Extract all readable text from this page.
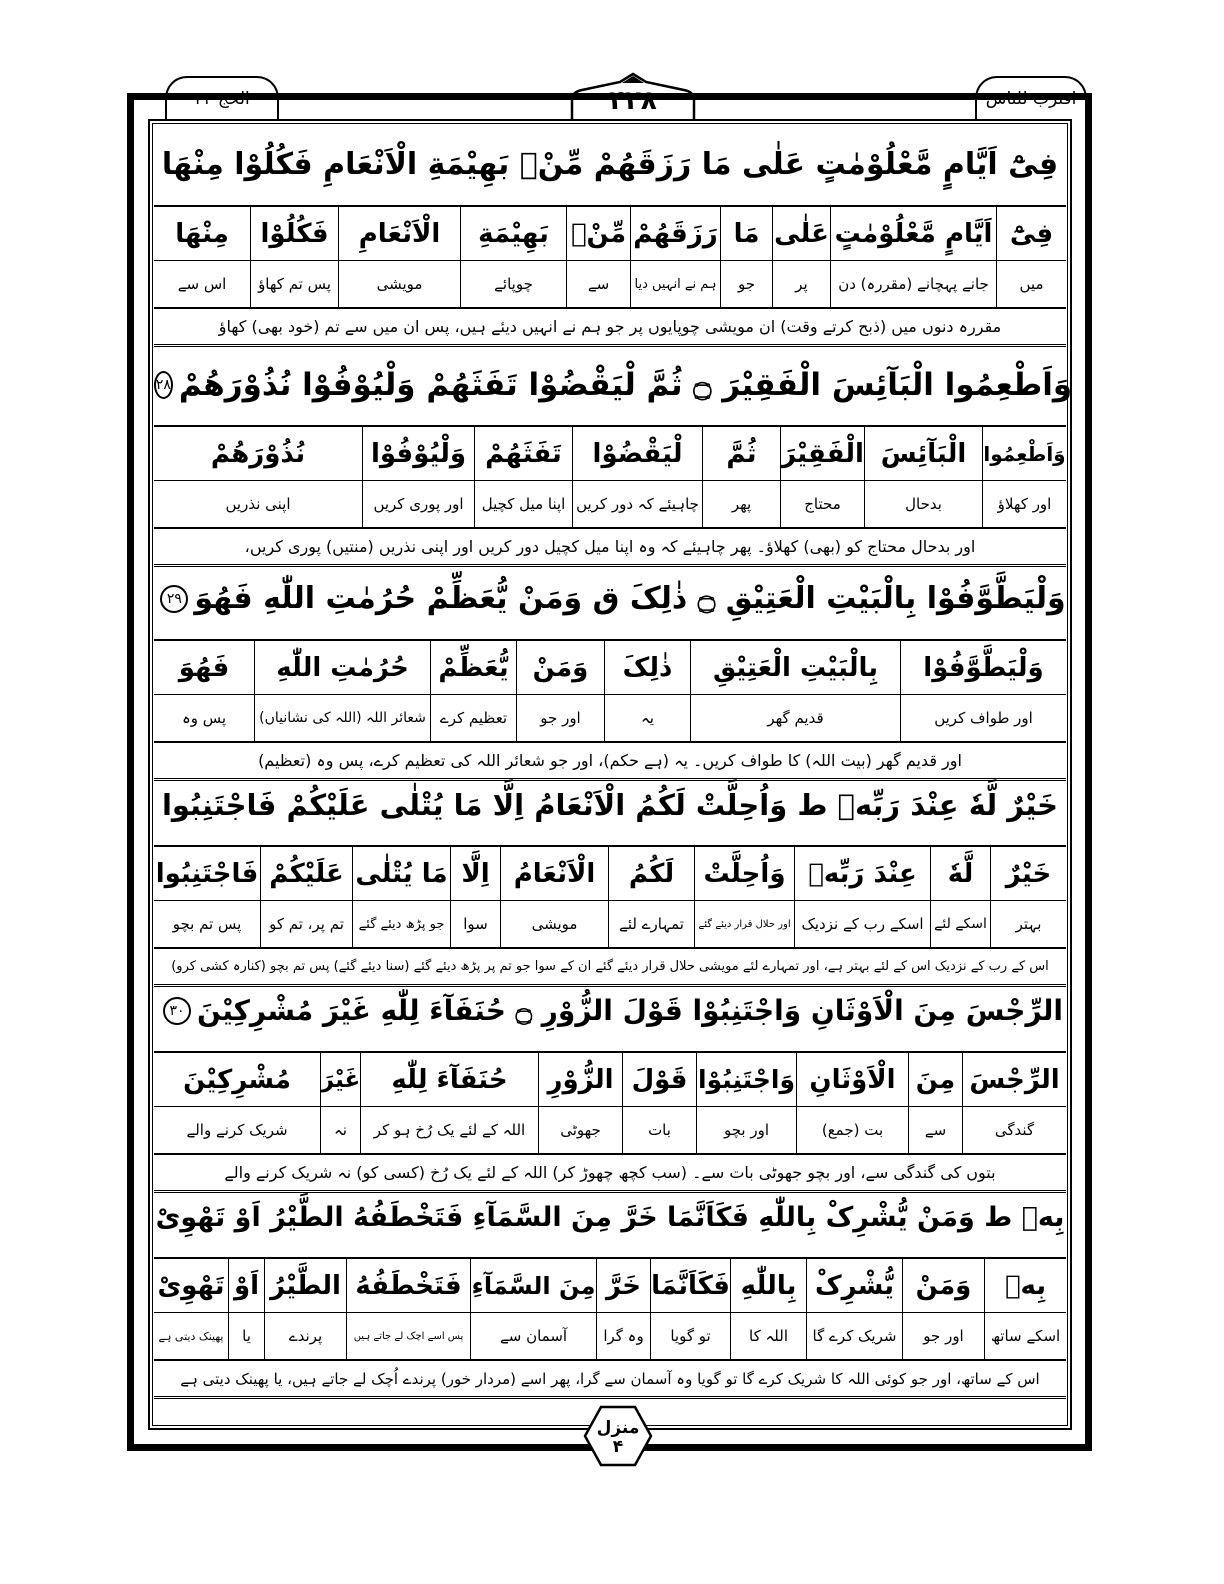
اقترب للناس
الحج ۲۲	۴۲۸
فِیْٓ اَیَّامٍ مَّعْلُوْمٰتٍ عَلٰی مَا رَزَقَهُمْ مِّنْۢ بَهِیْمَةِ الْاَنْعَامِ فَکُلُوْا مِنْهَا
فِیْٓ
میں
اَیَّامٍ مَّعْلُوْمٰتٍ
جانے پہچانے (مقررہ) دن
عَلٰی
پر
مَا
جو
رَزَقَهُمْ
ہم نے انہیں دیا
مِّنْۢ
سے
بَهِیْمَةِ
چوپائے
الْاَنْعَامِ
مویشی
فَکُلُوْا
پس تم کھاؤ
مِنْهَا
اس سے
مقررہ دنوں میں (ذبح کرتے وقت) ان مویشی چوپایوں پر جو ہم نے انہیں دیئے ہیں، پس ان میں سے تم (خود بھی) کھاؤ
وَاَطْعِمُوا الْبَآئِسَ الْفَقِیْرَ ۝ ثُمَّ لْیَقْضُوْا تَفَثَهُمْ وَلْیُوْفُوْا نُذُوْرَهُمْ
۲۸
وَاَطْعِمُوا
اور کھلاؤ
الْبَآئِسَ
بدحال
الْفَقِیْرَ
محتاج
ثُمَّ
پھر
لْیَقْضُوْا
چاہیئے کہ دور کریں
تَفَثَهُمْ
اپنا میل کچیل
وَلْیُوْفُوْا
اور پوری کریں
نُذُوْرَهُمْ
اپنی نذریں
اور بدحال محتاج کو (بھی) کھلاؤ۔ پھر چاہیئے کہ وہ اپنا میل کچیل دور کریں اور اپنی نذریں (منتیں) پوری کریں،
وَلْیَطَّوَّفُوْا بِالْبَیْتِ الْعَتِیْقِ ۝ ذٰلِکَ ق وَمَنْ یُّعَظِّمْ حُرُمٰتِ اللّٰهِ فَهُوَ
۲۹
وَلْیَطَّوَّفُوْا
اور طواف کریں
بِالْبَیْتِ الْعَتِیْقِ
قدیم گھر
ذٰلِکَ
یہ
وَمَنْ
اور جو
یُّعَظِّمْ
تعظیم کرے
حُرُمٰتِ اللّٰهِ
شعائر اللہ (اللہ کی نشانیاں)
فَهُوَ
پس وہ
اور قدیم گھر (بیت اللہ) کا طواف کریں۔ یہ (ہے حکم)، اور جو شعائر اللہ کی تعظیم کرے، پس وہ (تعظیم)
خَیْرٌ لَّهٗ عِنْدَ رَبِّهٖ ط وَاُحِلَّتْ لَکُمُ الْاَنْعَامُ اِلَّا مَا یُتْلٰی عَلَیْکُمْ فَاجْتَنِبُوا
خَیْرٌ
بہتر
لَّهٗ
اسکے لئے
عِنْدَ رَبِّهٖ
اسکے رب کے نزدیک
وَاُحِلَّتْ
اور حلال قرار دیئے گئے
لَکُمُ
تمہارے لئے
الْاَنْعَامُ
مویشی
اِلَّا
سوا
مَا یُتْلٰی
جو پڑھ دیئے گئے
عَلَیْکُمْ
تم پر، تم کو
فَاجْتَنِبُوا
پس تم بچو
اس کے رب کے نزدیک اس کے لئے بہتر ہے، اور تمہارے لئے مویشی حلال قرار دیئے گئے ان کے سوا جو تم پر پڑھ دیئے گئے (سنا دیئے گئے) پس تم بچو (کنارہ کشی کرو)
الرِّجْسَ مِنَ الْاَوْثَانِ وَاجْتَنِبُوْا قَوْلَ الزُّوْرِ ۝ حُنَفَآءَ لِلّٰهِ غَیْرَ مُشْرِکِیْنَ
۳۰
الرِّجْسَ
گندگی
مِنَ
سے
الْاَوْثَانِ
بت (جمع)
وَاجْتَنِبُوْا
اور بچو
قَوْلَ
بات
الزُّوْرِ
جھوٹی
حُنَفَآءَ لِلّٰهِ
اللہ کے لئے یک رُخ ہو کر
غَیْرَ
نہ
مُشْرِکِیْنَ
شریک کرنے والے
بتوں کی گندگی سے، اور بچو جھوٹی بات سے۔ (سب کچھ چھوڑ کر) اللہ کے لئے یک رُخ (کسی کو) نہ شریک کرنے والے
بِهٖ ط وَمَنْ یُّشْرِکْ بِاللّٰهِ فَکَاَنَّمَا خَرَّ مِنَ السَّمَآءِ فَتَخْطَفُهُ الطَّیْرُ اَوْ تَهْوِیْ
بِهٖ
اسکے ساتھ
وَمَنْ
اور جو
یُّشْرِکْ
شریک کرے گا
بِاللّٰهِ
اللہ کا
فَکَاَنَّمَا
تو گویا
خَرَّ
وہ گرا
مِنَ السَّمَآءِ
آسمان سے
فَتَخْطَفُهُ
پس اسے اچک لے جاتے ہیں
الطَّیْرُ
پرندے
اَوْ
یا
تَهْوِیْ
پھینک دیتی ہے
اس کے ساتھ، اور جو کوئی اللہ کا شریک کرے گا تو گویا وہ آسمان سے گرا، پھر اسے (مردار خور) پرندے اُچک لے جاتے ہیں، یا پھینک دیتی ہے
منزل
۴
